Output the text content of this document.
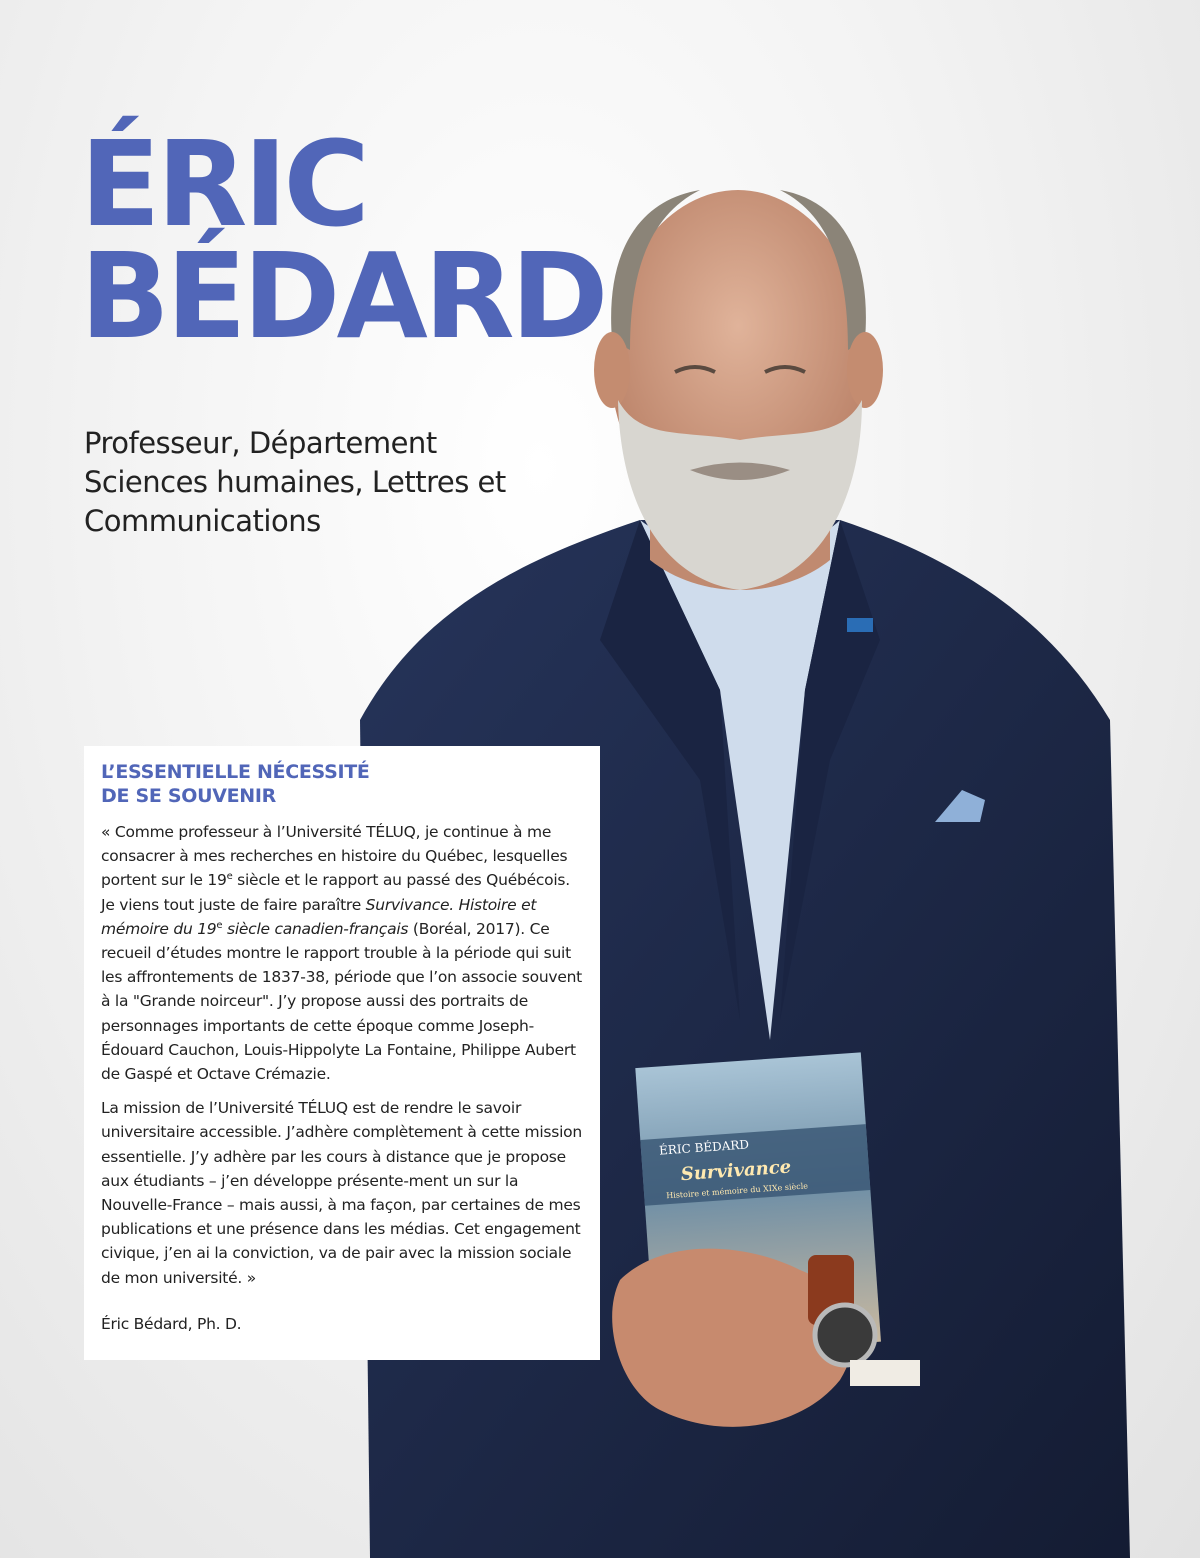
ÉRIC BÉDARD
Survivance
Histoire et mémoire du XIXe siècle
ÉRIC
BÉDARD
Professeur, Département
Sciences humaines, Lettres et
Communications
L’ESSENTIELLE NÉCESSITÉ
DE SE SOUVENIR

« Comme professeur à l’Université TÉLUQ, je continue à me consacrer à mes recherches en histoire du Québec, lesquelles portent sur le 19e siècle et le rapport au passé des Québécois. Je viens tout juste de faire paraître Survivance. Histoire et mémoire du 19e siècle canadien-français (Boréal, 2017). Ce recueil d’études montre le rapport trouble à la période qui suit les affrontements de 1837-38, période que l’on associe souvent à la "Grande noirceur". J’y propose aussi des portraits de personnages importants de cette époque comme Joseph-Édouard Cauchon, Louis-Hippolyte La Fontaine, Philippe Aubert de Gaspé et Octave Crémazie.

La mission de l’Université TÉLUQ est de rendre le savoir universitaire accessible. J’adhère complètement à cette mission essentielle. J’y adhère par les cours à distance que je propose aux étudiants – j’en développe présente-ment un sur la Nouvelle-France – mais aussi, à ma façon, par certaines de mes publications et une présence dans les médias. Cet engagement civique, j’en ai la conviction, va de pair avec la mission sociale de mon université. »

Éric Bédard, Ph. D.
